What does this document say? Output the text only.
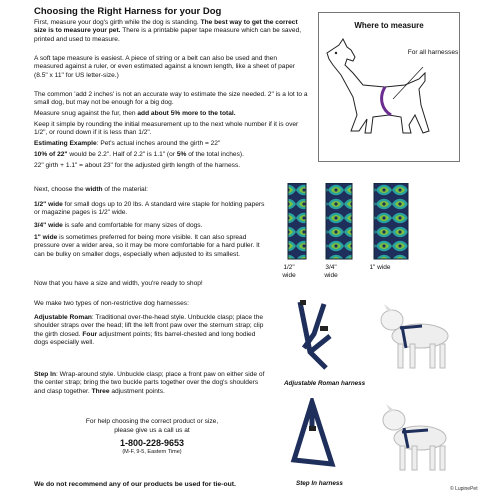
Choosing the Right Harness for your Dog

First, measure your dog's girth while the dog is standing. The best way to get the correct size is to measure your pet. There is a printable paper tape measure which can be saved, printed and used to measure.

A soft tape measure is easiest. A piece of string or a belt can also be used and then measured against a ruler, or even estimated against a known length, like a sheet of paper (8.5" x 11" for US letter-size.)

The common 'add 2 inches' is not an accurate way to estimate the size needed. 2" is a lot to a small dog, but may not be enough for a big dog.

Measure snug against the fur, then add about 5% more to the total.

Keep it simple by rounding the initial measurement up to the next whole number if it is over 1/2", or round down if it is less than 1/2".

Estimating Example: Pet's actual inches around the girth = 22"

10% of 22" would be 2.2". Half of 2.2" is 1.1" (or 5% of the total inches).

22" girth + 1.1" = about 23" for the adjusted girth length of the harness.

Next, choose the width of the material:

1/2" wide for small dogs up to 20 lbs. A standard wire staple for holding papers or magazine pages is 1/2" wide.

3/4" wide is safe and comfortable for many sizes of dogs.

1" wide is sometimes preferred for being more visible. It can also spread pressure over a wider area, so it may be more comfortable for a hard puller. It can be bulky on smaller dogs, especially when adjusted to its smallest.

Now that you have a size and width, you're ready to shop!

We make two types of non-restrictive dog harnesses:

Adjustable Roman: Traditional over-the-head style. Unbuckle clasp; place the shoulder straps over the head; lift the left front paw over the sternum strap; clip the girth closed. Four adjustment points; fits barrel-chested and long bodied dogs especially well.

Step In: Wrap-around style. Unbuckle clasp; place a front paw on either side of the center strap; bring the two buckle parts together over the dog's shoulders and clasp together. Three adjustment points.

For help choosing the correct product or size,
please give us a call us at
1-800-228-9653
(M-F, 9-5, Eastern Time)
We do not recommend any of our products be used for tie-out.
Where to measure
For all harnesses
1/2" wide
3/4" wide
1" wide
Adjustable Roman harness
Step In harness
© LupinePet
